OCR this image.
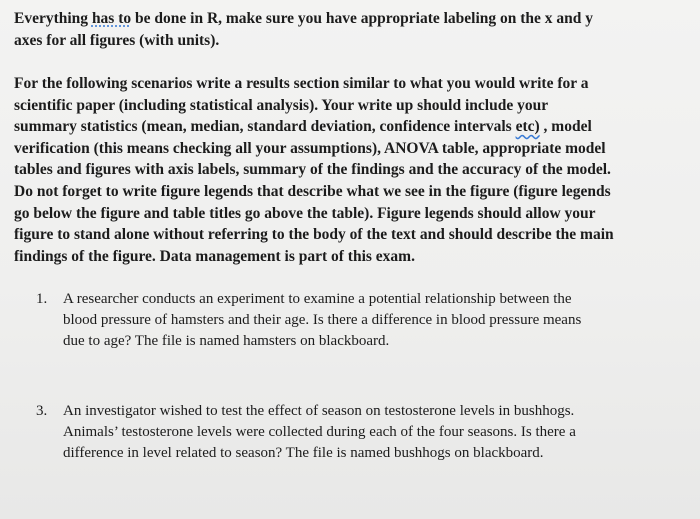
Everything has to be done in R, make sure you have appropriate labeling on the x and y
axes for all figures (with units).
For the following scenarios write a results section similar to what you would write for a
scientific paper (including statistical analysis). Your write up should include your
summary statistics (mean, median, standard deviation, confidence intervals etc) , model
verification (this means checking all your assumptions), ANOVA table, appropriate model
tables and figures with axis labels, summary of the findings and the accuracy of the model.
Do not forget to write figure legends that describe what we see in the figure (figure legends
go below the figure and table titles go above the table). Figure legends should allow your
figure to stand alone without referring to the body of the text and should describe the main
findings of the figure. Data management is part of this exam.
1.	A researcher conducts an experiment to examine a potential relationship between the
blood pressure of hamsters and their age. Is there a difference in blood pressure means
due to age? The file is named hamsters on blackboard.
3.	An investigator wished to test the effect of season on testosterone levels in bushhogs.
Animals’ testosterone levels were collected during each of the four seasons. Is there a
difference in level related to season? The file is named bushhogs on blackboard.
